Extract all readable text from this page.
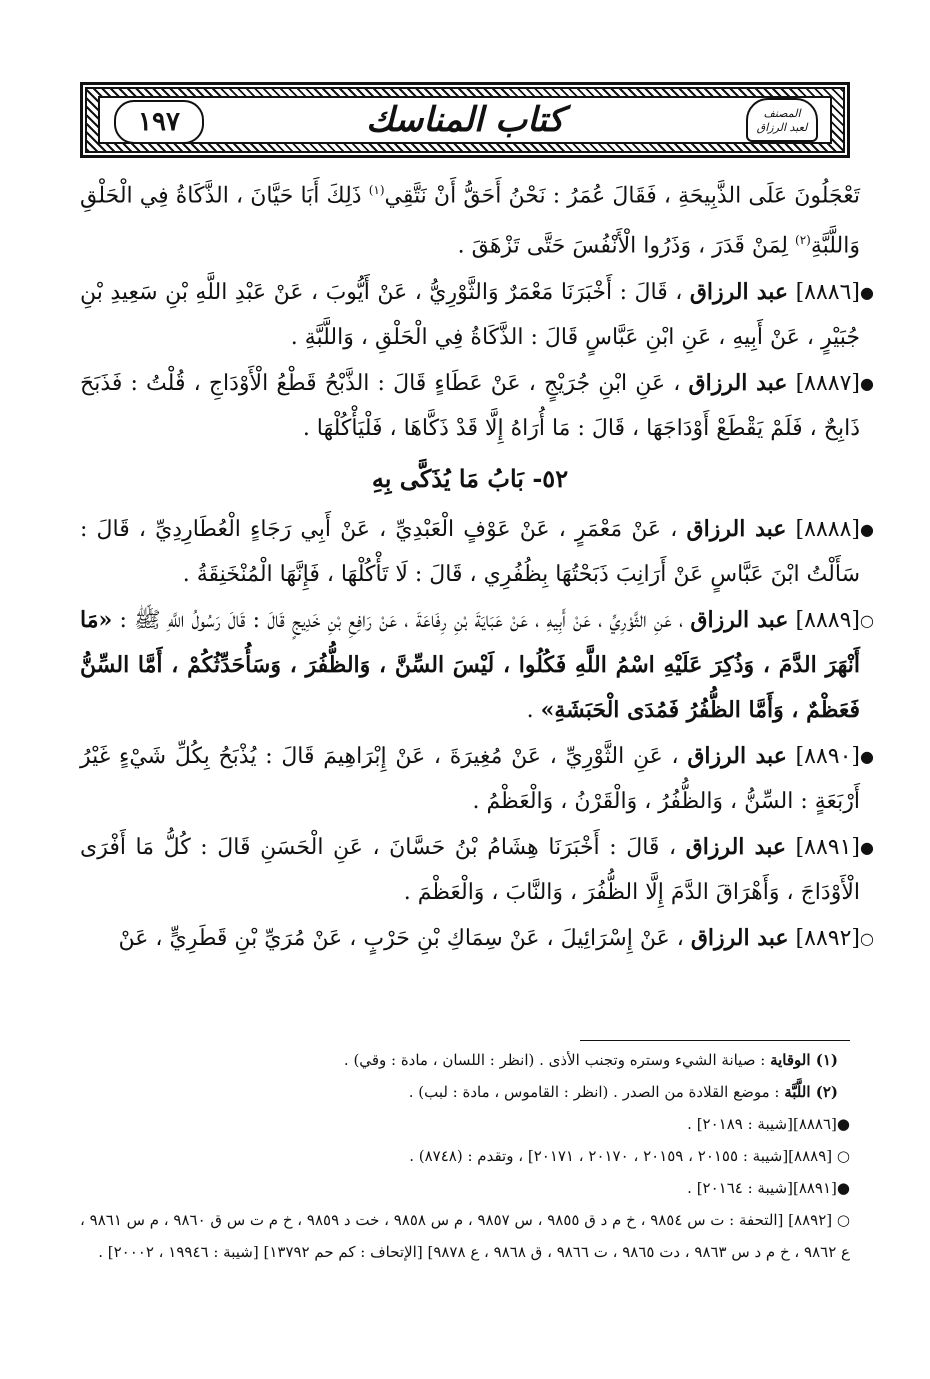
كتاب المناسك
١٩٧	المصنف
لعبد الرزاق

تَعْجَلُونَ عَلَى الذَّبِيحَةِ ، فَقَالَ عُمَرُ : نَحْنُ أَحَقُّ أَنْ نَتَّقِي$^{(١)}$ ذَلِكَ أَبَا حَيَّانَ ، الذَّكَاةُ فِي الْحَلْقِ وَاللَّبَّةِ$^{(٢)}$ لِمَنْ قَدَرَ ، وَذَرُوا الْأَنْفُسَ حَتَّى تَزْهَقَ .

●
[٨٨٨٦] عبد الرزاق ، قَالَ : أَخْبَرَنَا مَعْمَرٌ وَالثَّوْرِيُّ ، عَنْ أَيُّوبَ ، عَنْ عَبْدِ اللَّهِ بْنِ سَعِيدِ بْنِ جُبَيْرٍ ، عَنْ أَبِيهِ ، عَنِ ابْنِ عَبَّاسٍ قَالَ : الذَّكَاةُ فِي الْحَلْقِ ، وَاللَّبَّةِ .

●
[٨٨٨٧] عبد الرزاق ، عَنِ ابْنِ جُرَيْجٍ ، عَنْ عَطَاءٍ قَالَ : الذَّبْحُ قَطْعُ الْأَوْدَاجِ ، قُلْتُ : فَذَبَحَ ذَابِحٌ ، فَلَمْ يَقْطَعْ أَوْدَاجَهَا ، قَالَ : مَا أُرَاهُ إِلَّا قَدْ ذَكَّاهَا ، فَلْيَأْكُلْهَا .

٥٢- بَابُ مَا يُذَكَّى بِهِ

●
[٨٨٨٨] عبد الرزاق ، عَنْ مَعْمَرٍ ، عَنْ عَوْفٍ الْعَبْدِيِّ ، عَنْ أَبِي رَجَاءٍ الْعُطَارِدِيِّ ، قَالَ : سَأَلْتُ ابْنَ عَبَّاسٍ عَنْ أَرَانِبَ ذَبَحْتُهَا بِظُفُرِي ، قَالَ : لَا تَأْكُلْهَا ، فَإِنَّهَا الْمُنْخَنِقَةُ .

○
[٨٨٨٩] عبد الرزاق ، عَنِ الثَّوْرِيِّ ، عَنْ أَبِيهِ ، عَنْ عَبَايَةَ بْنِ رِفَاعَةَ ، عَنْ رَافِعِ بْنِ خَدِيجٍ قَالَ : قَالَ رَسُولُ اللَّهِ ﷺ : «مَا أَنْهَرَ الدَّمَ ، وَذُكِرَ عَلَيْهِ اسْمُ اللَّهِ فَكُلُوا ، لَيْسَ السِّنَّ ، وَالظُّفُرَ ، وَسَأُحَدِّثُكُمْ ، أَمَّا السِّنُّ فَعَظْمٌ ، وَأَمَّا الظُّفُرُ فَمُدَى الْحَبَشَةِ» .

●
[٨٨٩٠] عبد الرزاق ، عَنِ الثَّوْرِيِّ ، عَنْ مُغِيرَةَ ، عَنْ إِبْرَاهِيمَ قَالَ : يُذْبَحُ بِكُلِّ شَيْءٍ غَيْرُ أَرْبَعَةٍ : السِّنُّ ، وَالظُّفُرُ ، وَالْقَرْنُ ، وَالْعَظْمُ .

●
[٨٨٩١] عبد الرزاق ، قَالَ : أَخْبَرَنَا هِشَامُ بْنُ حَسَّانَ ، عَنِ الْحَسَنِ قَالَ : كُلُّ مَا أَفْرَى الْأَوْدَاجَ ، وَأَهْرَاقَ الدَّمَ إِلَّا الظُّفُرَ ، وَالنَّابَ ، وَالْعَظْمَ .

○
[٨٨٩٢] عبد الرزاق ، عَنْ إِسْرَائِيلَ ، عَنْ سِمَاكِ بْنِ حَرْبٍ ، عَنْ مُرَيِّ بْنِ قَطَرِيٍّ ، عَنْ

(١) الوقاية : صيانة الشيء وستره وتجنب الأذى . (انظر : اللسان ، مادة : وقي) .

(٢) اللَّبَّة : موضع القلادة من الصدر . (انظر : القاموس ، مادة : لبب) .

●[٨٨٨٦][شيبة : ٢٠١٨٩] .

○ [٨٨٨٩][شيبة : ٢٠١٥٥ ، ٢٠١٥٩ ، ٢٠١٧٠ ، ٢٠١٧١] ، وتقدم : (٨٧٤٨) .

●[٨٨٩١][شيبة : ٢٠١٦٤] .

○ [٨٨٩٢] [التحفة : ت س ٩٨٥٤ ، خ م د ق ٩٨٥٥ ، س ٩٨٥٧ ، م س ٩٨٥٨ ، خت د ٩٨٥٩ ، خ م ت س ق ٩٨٦٠ ، م س ٩٨٦١ ، ع ٩٨٦٢ ، خ م د س ٩٨٦٣ ، دت ٩٨٦٥ ، ت ٩٨٦٦ ، ق ٩٨٦٨ ، ع ٩٨٧٨] [الإتحاف : كم حم ١٣٧٩٢] [شيبة : ١٩٩٤٦ ، ٢٠٠٠٢] .
